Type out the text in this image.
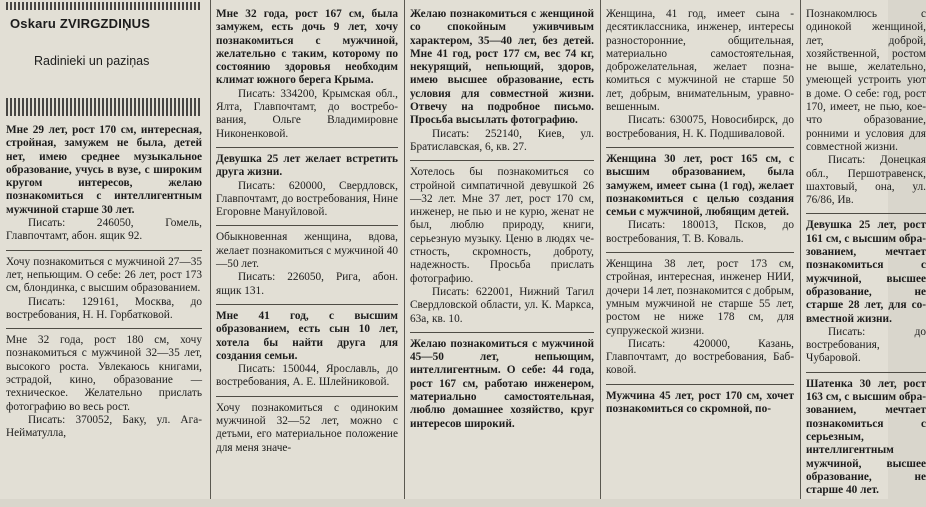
Oskaru ZVIRGZDIŅUS
Radinieki un paziņas
Мне 29 лет, рост 170 см, интересная, стройная, замужем не была, детей нет, имею среднее музыкальное образование, учусь в вузе, с широким кругом интересов, желаю познакомиться с интеллигентным мужчиной старше 30 лет.
Писать: 246050, Гомель, Главпочтамт, абон. ящик 92.
Хочу познакомиться с мужчиной 27—35 лет, непьющим. О себе: 26 лет, рост 173 см, блондинка, с высшим образованием.
Писать: 129161, Москва, до востребования, Н. Н. Горбатковой.
Мне 32 года, рост 180 см, хочу познакомиться с мужчиной 32—35 лет, высокого роста. Увлекаюсь книгами, эстрадой, кино, образование — техническое. Желательно прислать фотографию во весь рост.
Писать: 370052, Баку, ул. Ага-Нейматулла,
Мне 32 года, рост 167 см, была замужем, есть дочь 9 лет, хочу познакомиться с мужчиной, желательно с таким, которому по состоянию здоровья необходим климат южного берега Крыма.
Писать: 334200, Крымская обл., Ялта, Главпочтамт, до востребования, Ольге Владимировне Никоненковой.
Девушка 25 лет желает встретить друга жизни.
Писать: 620000, Свердловск, Главпочтамт, до востребования, Нине Егоровне Мануйловой.
Обыкновенная женщина, вдова, желает познакомиться с мужчиной 40—50 лет.
Писать: 226050, Рига, абон. ящик 131.
Мне 41 год, с высшим образованием, есть сын 10 лет, хотела бы найти друга для создания семьи.
Писать: 150044, Ярославль, до востребования, А. Е. Шлейниковой.
Хочу познакомиться с одиноким мужчиной 32—52 лет, можно с детьми, его материальное положение для меня значе-
Желаю познакомиться с женщиной со спокойным уживчивым характером, 35—40 лет, без детей. Мне 41 год, рост 177 см, вес 74 кг, некурящий, непьющий, здоров, имею высшее образование, есть условия для совместной жизни. Отвечу на подробное письмо. Просьба высылать фотографию.
Писать: 252140, Киев, ул. Братиславская, 6, кв. 27.
Хотелось бы познакомиться со стройной симпатичной девушкой 26—32 лет. Мне 37 лет, рост 170 см, инженер, не пью и не курю, женат не был, люблю природу, книги, серьезную музыку. Ценю в людях честность, скромность, доброту, надежность. Просьба прислать фотографию.
Писать: 622001, Нижний Тагил Свердловской области, ул. К. Маркса, 63а, кв. 10.
Желаю познакомиться с мужчиной 45—50 лет, непьющим, интеллигентным. О себе: 44 года, рост 167 см, работаю инженером, материально самостоятельная, люблю домашнее хозяйство, круг интересов широкий.
Женщина, 41 год, имеет сына - десятиклассника, инженер, интересы разносторонние, общительная, материально самостоятельная, доброжелательная, желает познакомиться с мужчиной не старше 50 лет, добрым, внимательным, уравновешенным.
Писать: 630075, Новосибирск, до востребования, Н. К. Подшиваловой.
Женщина 30 лет, рост 165 см, с высшим образованием, была замужем, имеет сына (1 год), желает познакомиться с целью создания семьи с мужчиной, любящим детей.
Писать: 180013, Псков, до востребования, Т. В. Коваль.
Женщина 38 лет, рост 173 см, стройная, интересная, инженер НИИ, дочери 14 лет, познакомится с добрым, умным мужчиной не старше 55 лет, ростом не ниже 178 см, для супружеской жизни.
Писать: 420000, Казань, Главпочтамт, до востребования, Бабковой.
Мужчина 45 лет, рост 170 см, хочет познакомиться со скромной, по-
Познакомлюсь с одинокой женщиной, лет, доброй, хозяйственной, ростом не выше, желательно, умеющей устроить уют в доме. О себе: год, рост 170, имеет, не пью, кое-что образование, ронними и условия для совместной жизни.
Писать: Донецкая обл., Першотравенск, шахтовый, она, ул. 76/86, Ив.
Девушка 25 лет, рост 161 см, с высшим образованием, мечтает познакомиться с мужчиной, высшее образование, не старше 28 лет, для совместной жизни.
Писать: до востребования, Чубаровой.
Шатенка 30 лет, рост 163 см, с высшим образованием, мечтает познакомиться с серьезным, интеллигентным мужчиной, высшее образование, не старше 40 лет.
